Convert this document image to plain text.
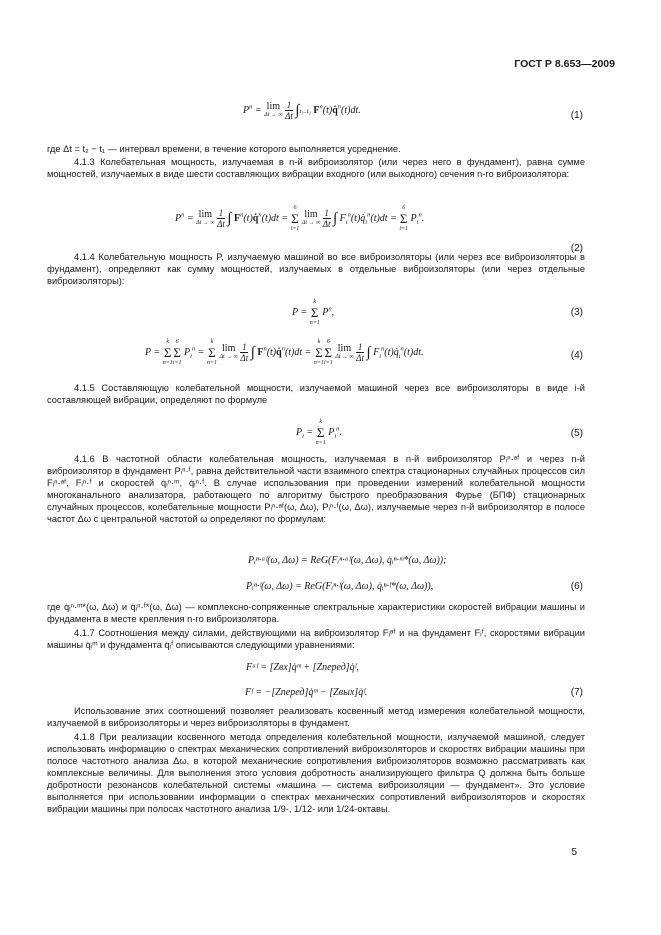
ГОСТ Р 8.653—2009
$P^n = \lim$
Δt → ∞
$\frac{1}{\Delta t} \int t_1..t_2$ $F^n(t)q̇^n(t)dt$.	(1)
где Δt = t₂ − t₁ — интервал времени, в течение которого выполняется усреднение.
4.1.3 Колебательная мощность, излучаемая в n-й виброизолятор (или через него в фундамент), равна сумме мощностей, излучаемых в виде шести составляющих вибрации входного (или выходного) сечения n-го виброизолятора:
$P^n = \lim$
Δt → ∞
$\frac{1}{\Delta t}$ ∫ $F^n(t)q̇^n(t)dt$ =
6
Σ
i=1
lim
Δt → ∞
$\frac{1}{\Delta t}$ ∫ $F_i^n(t)q̇_i^n(t)dt$ =
6
Σ
i=1
$P_i^n$.
(2)
4.1.4 Колебательную мощность P, излучаемую машиной во все виброизоляторы (или через все виброизоляторы в фундамент), определяют как сумму мощностей, излучаемых в отдельные виброизоляторы (или через отдельные виброизоляторы):
P =
k
Σ
n=1
$P^n$,	(3)
P =
k
Σ
n=1
6
Σ
i=1
$P_i^n$ =
k
Σ
n=1
lim
Δt → ∞
$\frac{1}{\Delta t}$ ∫ $F^n(t)q̇^n(t)dt$ =
k
Σ
n=1
6
Σ
i=1
lim
Δt → ∞
$\frac{1}{\Delta t}$ ∫ $F_i^n(t)q̇_i^n(t)dt$.	(4)
4.1.5 Составляющую колебательной мощности, излучаемой машиной через все виброизоляторы в виде i-й составляющей вибрации, определяют по формуле
$P_i$ =
k
Σ
n=1
$P_i^n$.	(5)
4.1.6 В частотной области колебательная мощность, излучаемая в n-й виброизолятор Pᵢⁿ·ᵃᶠ и через n-й виброизолятор в фундамент Pᵢⁿ·ᶠ, равна действительной части взаимного спектра стационарных случайных процессов сил Fᵢⁿ·ᵃᶠ, Fᵢⁿ·ᶠ и скоростей q̇ᵢⁿ·ᵐ, q̇ᵢⁿ·ᶠ. В случае использования при проведении измерений колебательной мощности многоканального анализатора, работающего по алгоритму быстрого преобразования Фурье (БПФ) стационарных случайных процессов, колебательные мощности Pᵢⁿ·ᵃᶠ(ω, Δω), Pᵢⁿ·ᶠ(ω, Δω), излучаемые через n-й виброизолятор в полосе частот Δω с центральной частотой ω определяют по формулам:
Pᵢⁿ·ᵃᶠ(ω, Δω) = ReG(Fᵢⁿ·ᵃᶠ(ω, Δω), q̇ᵢⁿ·ᵐ*(ω, Δω));
Pᵢⁿ·ᶠ(ω, Δω) = ReG(Fᵢⁿ·ᶠ(ω, Δω), q̇ᵢⁿ·ᶠ*(ω, Δω)),	(6)
где q̇ᵢⁿ·ᵐ*(ω, Δω) и q̇ᵢⁿ·ᶠ*(ω, Δω) — комплексно-сопряженные спектральные характеристики скоростей вибрации машины и фундамента в месте крепления n-го виброизолятора.
4.1.7 Соотношения между силами, действующими на виброизолятор Fᵢᵃᶠ и на фундамент Fᵢᶠ, скоростями вибрации машины q̇ᵢᵐ и фундамента q̇ᵢᶠ описываются следующими уравнениями:
Fᵃᶠ = [Zвх]q̇ᵐ + [Zперед]q̇ᶠ,
Fᶠ = −[Zперед]q̇ᵐ − [Zвых]q̇ᶠ.	(7)
Использование этих соотношений позволяет реализовать косвенный метод измерения колебательной мощности, излучаемой в виброизоляторы и через виброизоляторы в фундамент.
4.1.8 При реализации косвенного метода определения колебательной мощности, излучаемой машиной, следует использовать информацию о спектрах механических сопротивлений виброизоляторов и скоростях вибрации машины при полосе частотного анализа Δω, в которой механические сопротивления виброизоляторов возможно рассматривать как комплексные величины. Для выполнения этого условия добротность анализирующего фильтра Q должна быть больше добротности резонансов колебательной системы «машина — система виброизоляции — фундамент». Это условие выполняется при использовании информации о спектрах механических сопротивлений виброизоляторов и скоростях вибрации машины при полосах частотного анализа 1/9-, 1/12- или 1/24-октавы.
5
